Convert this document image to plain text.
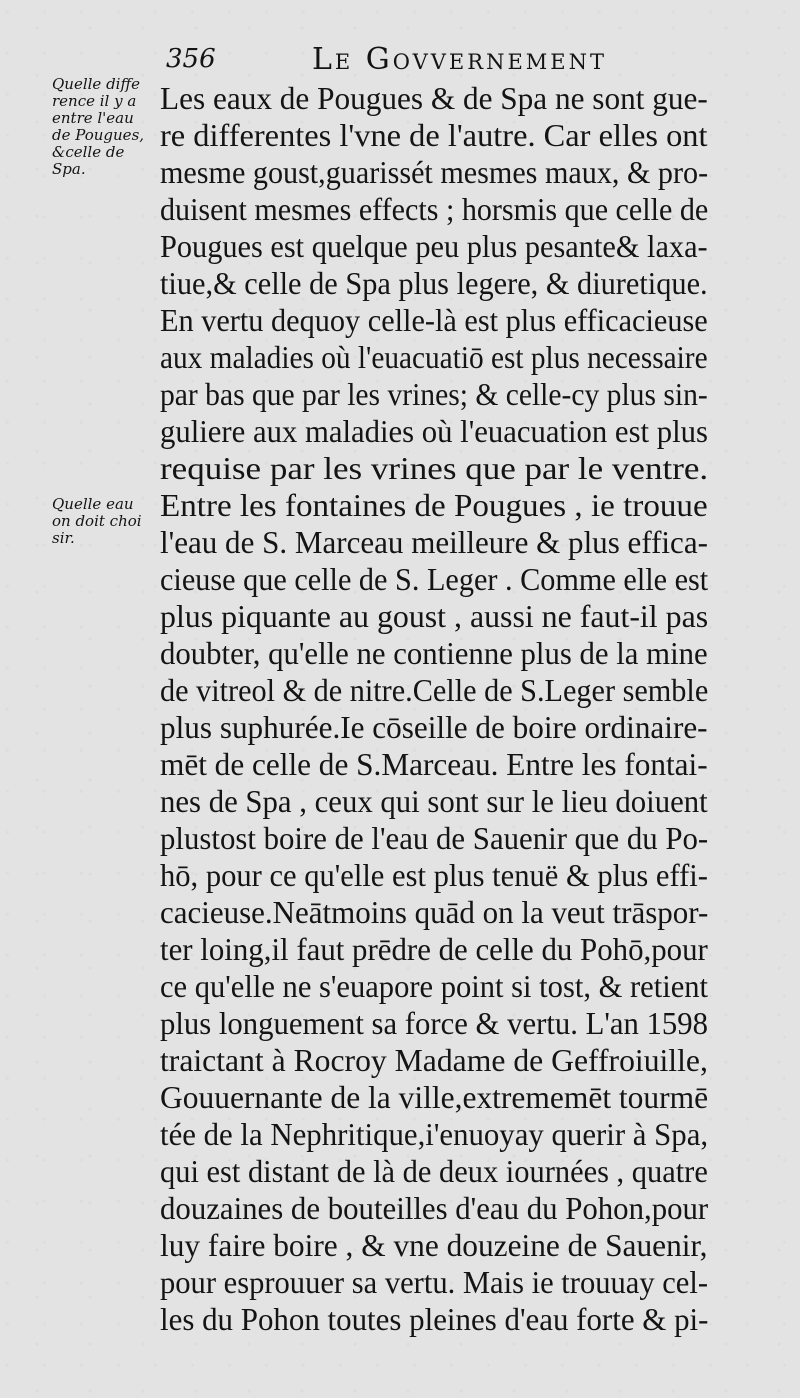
356	Le Govvernement
Quelle diffe
rence il y a
entre l'eau
de Pougues,
&celle de
Spa.
Quelle eau
on doit choi
sir.
Les eaux de Pougues & de Spa ne sont gue-
re differentes l'vne de l'autre. Car elles ont
mesme goust,guarissét mesmes maux, & pro-
duisent mesmes effects ; horsmis que celle de
Pougues est quelque peu plus pesante& laxa-
tiue,& celle de Spa plus legere, & diuretique.
En vertu dequoy celle-là est plus efficacieuse
aux maladies où l'euacuatiō est plus necessaire
par bas que par les vrines; & celle-cy plus sin-
guliere aux maladies où l'euacuation est plus
requise par les vrines que par le ventre.
Entre les fontaines de Pougues , ie trouue
l'eau de S. Marceau meilleure & plus effica-
cieuse que celle de S. Leger . Comme elle est
plus piquante au goust , aussi ne faut-il pas
doubter, qu'elle ne contienne plus de la mine
de vitreol & de nitre.Celle de S.Leger semble
plus suphurée.Ie cōseille de boire ordinaire-
mēt de celle de S.Marceau. Entre les fontai-
nes de Spa , ceux qui sont sur le lieu doiuent
plustost boire de l'eau de Sauenir que du Po-
hō, pour ce qu'elle est plus tenuë & plus effi-
cacieuse.Neātmoins quād on la veut trāspor-
ter loing,il faut prēdre de celle du Pohō,pour
ce qu'elle ne s'euapore point si tost, & retient
plus longuement sa force & vertu. L'an 1598
traictant à Rocroy Madame de Geffroiuille,
Gouuernante de la ville,extrememēt tourmē
tée de la Nephritique,i'enuoyay querir à Spa,
qui est distant de là de deux iournées , quatre
douzaines de bouteilles d'eau du Pohon,pour
luy faire boire , & vne douzeine de Sauenir,
pour esprouuer sa vertu. Mais ie trouuay cel-
les du Pohon toutes pleines d'eau forte & pi-
